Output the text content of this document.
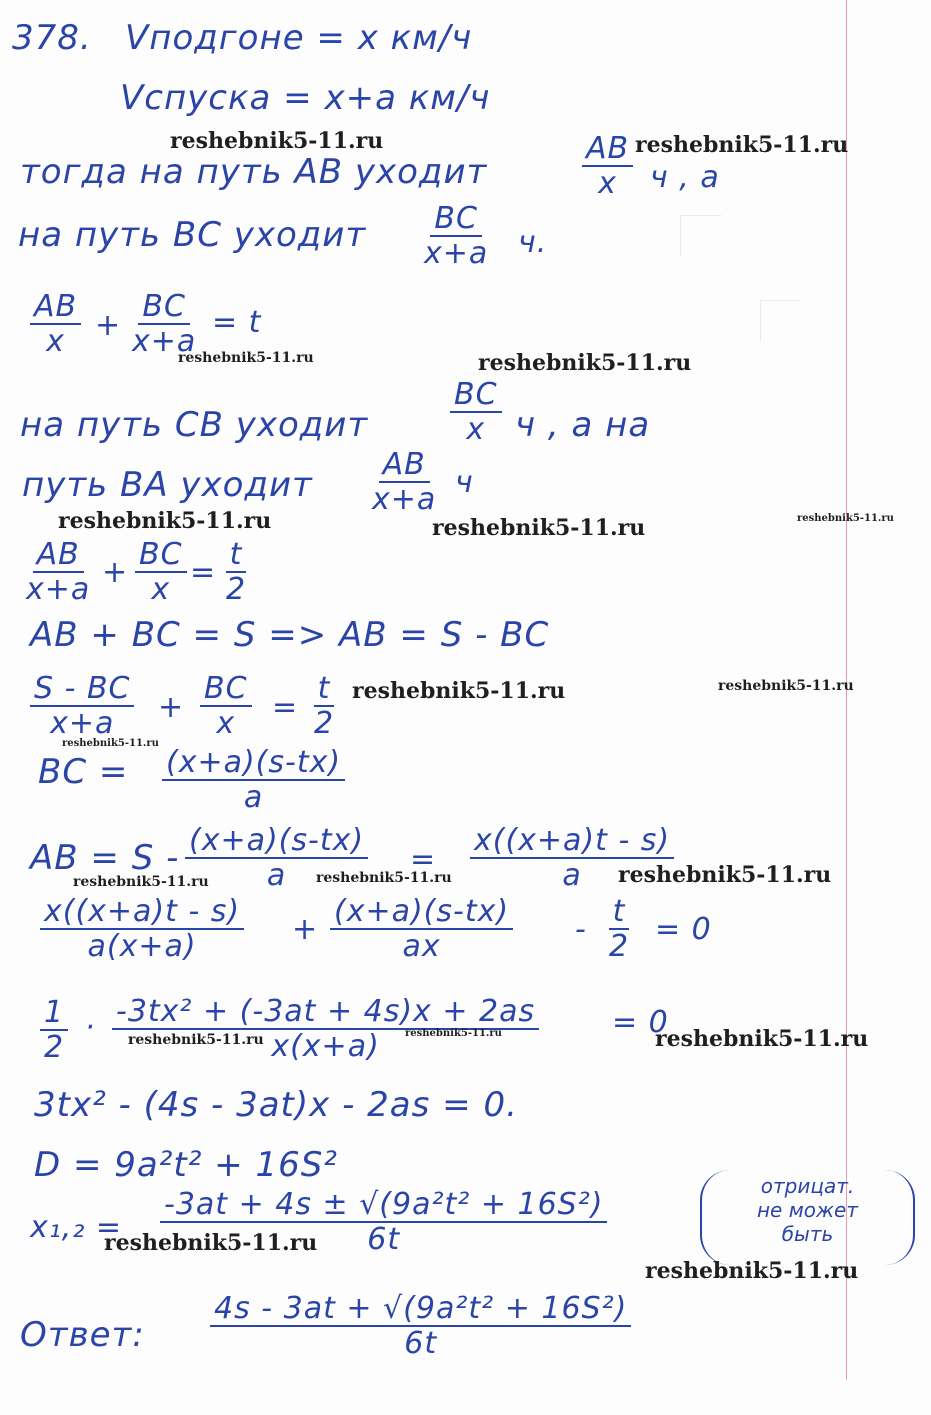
378. Vподгоне = x км/ч
Vспуска = x+a км/ч
тогда на путь AB уходит	$\frac{AB}{x}$ ч , а
на путь BC уходит $\frac{BC}{x+a} ч$.
$\frac{AB}{x} + \frac{BC}{x+a} = t$
на путь CB уходит	$\frac{BC}{x}$ ч , а на
путь BA уходит $\frac{AB}{x+a}$ ч
$\frac{AB}{x+a} + \frac{BC}{x} = \frac{t}{2}$
AB + BC = S => AB = S - BC
$\frac{S - BC}{x+a} + \frac{BC}{x} = \frac{t}{2}$
BC = $\frac{(x+a)(s-tx)}{a}$
AB = $S - \frac{(x+a)(s-tx)}{a} = \frac{x((x+a)t - s)}{a}$
$\frac{x((x+a)t - s)}{a(x+a)} + \frac{(x+a)(s-tx)}{ax} - \frac{t}{2} = 0$
$\frac{1}{2} \cdot \frac{\text{-3tx² + (-3at + 4s)x + 2as}}{x(x+a)} = 0$
3tx² - (4s - 3at)x - 2as = 0.
D = 9a²t² + 16S²
$x_1,_2 = \frac{\text{-3at + 4s ± √(9a²t² + 16S²)}}{6t}$
отрицат.
не может
быть
Ответ: $\frac{\text{4s - 3at + √(9a²t² + 16S²)}}{6t}$
reshebnik5-11.ru	reshebnik5-11.ru
reshebnik5-11.ru	reshebnik5-11.ru
reshebnik5-11.ru	reshebnik5-11.ru	reshebnik5-11.ru
reshebnik5-11.ru	reshebnik5-11.ru
reshebnik5-11.ru
reshebnik5-11.ru	reshebnik5-11.ru	reshebnik5-11.ru
reshebnik5-11.ru	reshebnik5-11.ru	reshebnik5-11.ru
reshebnik5-11.ru
reshebnik5-11.ru
